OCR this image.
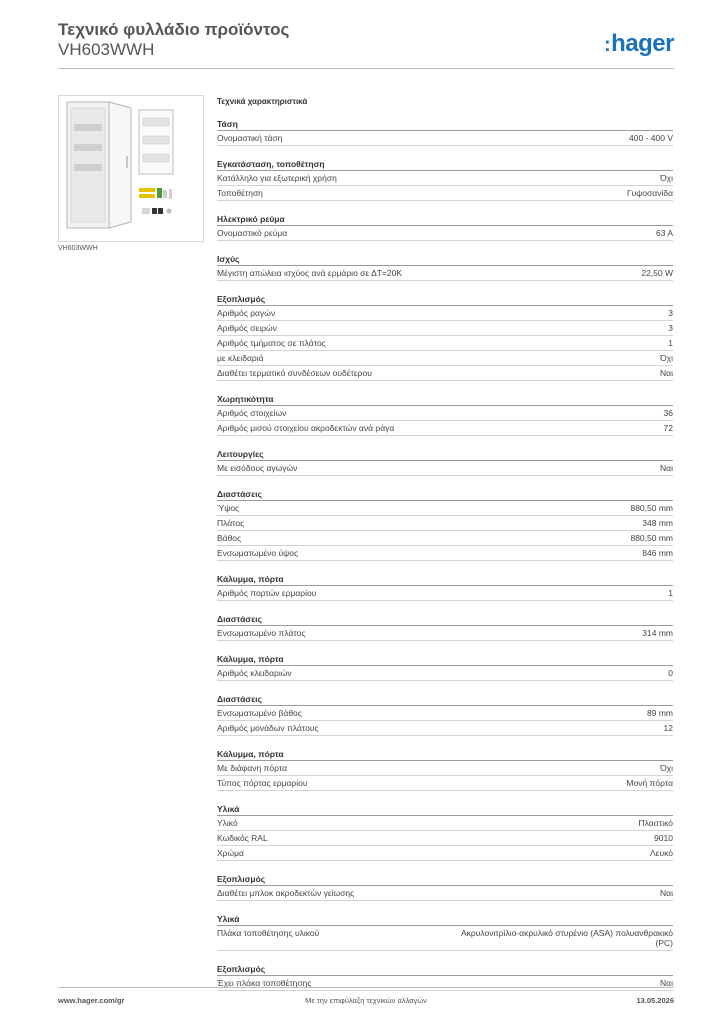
Τεχνικό φυλλάδιο προϊόντος
VH603WWH	:hager
VH603WWH
Τεχνικά χαρακτηριστικά
Τάση
Ονομαστική τάση	400 - 400 V
Εγκατάσταση, τοποθέτηση
Κατάλληλο για εξωτερική χρήση	Όχι
Τοποθέτηση	Γυψοσανίδα
Ηλεκτρικό ρεύμα
Ονομαστικό ρεύμα	63 A
Ισχύς
Μέγιστη απώλεια ισχύος ανά ερμάριο σε ΔT=20K	22,50 W
Εξοπλισμός
Αριθμός ραγών	3
Αριθμός σειρών	3
Αριθμός τμήματος σε πλάτος	1
με κλειδαριά	Όχι
Διαθέτει τερματικό συνδέσεων ουδέτερου	Ναι
Χωρητικότητα
Αριθμός στοιχείων	36
Αριθμός μισού στοιχείου ακροδεκτών ανά ράγα	72
Λειτουργίες
Με εισόδους αγωγών	Ναι
Διαστάσεις
Ύψος	880,50 mm
Πλάτος	348 mm
Βάθος	880,50 mm
Ενσωματωμένο ύψος	846 mm
Κάλυμμα, πόρτα
Αριθμός πορτών ερμαρίου	1
Διαστάσεις
Ενσωματωμένο πλάτος	314 mm
Κάλυμμα, πόρτα
Αριθμός κλειδαριών	0
Διαστάσεις
Ενσωματωμένο βάθος	89 mm
Αριθμός μονάδων πλάτους	12
Κάλυμμα, πόρτα
Με διάφανη πόρτα	Όχι
Τύπος πόρτας ερμαρίου	Μονή πόρτα
Υλικά
Υλικό	Πλαστικό
Κωδικός RAL	9010
Χρώμα	Λευκό
Εξοπλισμός
Διαθέτει μπλοκ ακροδεκτών γείωσης	Ναι
Υλικά
Πλάκα τοποθέτησης υλικού	Ακρυλονιτρίλιο-ακρυλικό στυρένιο (ASA) πολυανθρακικό (PC)
Εξοπλισμός
Έχει πλάκα τοποθέτησης	Ναι
www.hager.com/gr	Με την επιφύλαξη τεχνικών αλλαγών	13.05.2026
